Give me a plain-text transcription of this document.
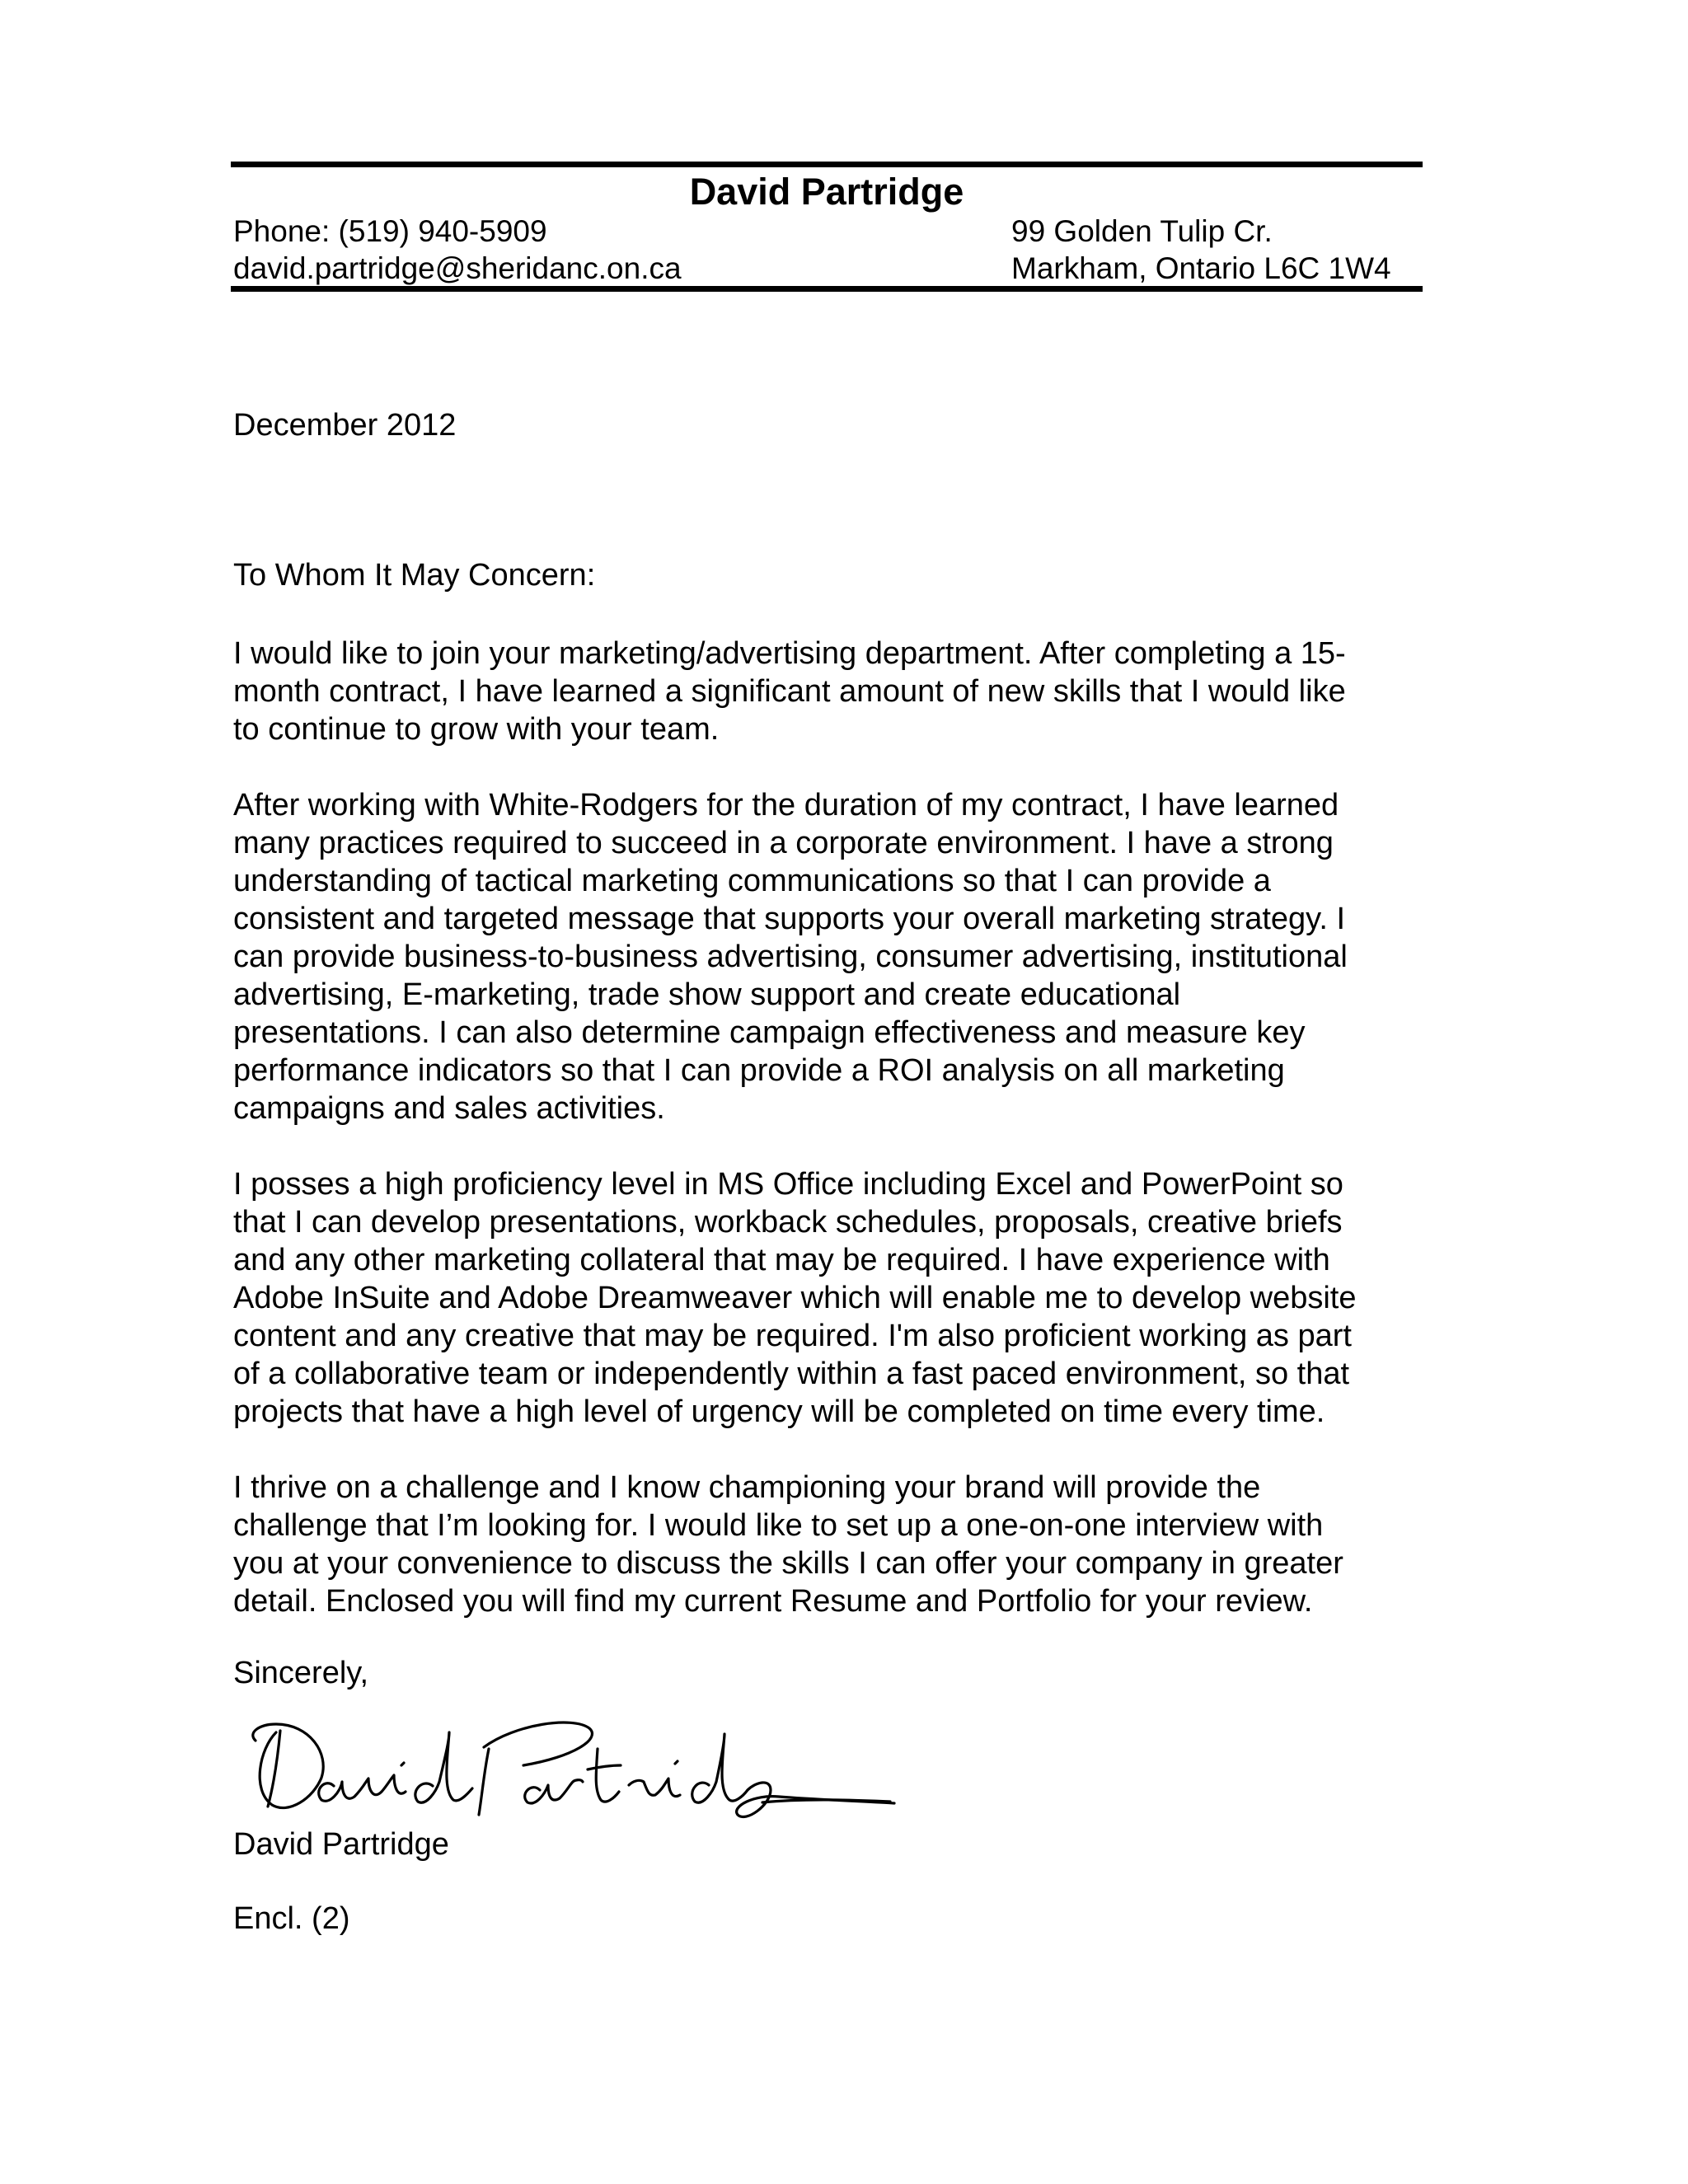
David Partridge
Phone: (519) 940-5909
david.partridge@sheridanc.on.ca
99 Golden Tulip Cr.
Markham, Ontario L6C 1W4
December 2012
To Whom It May Concern:
I would like to join your marketing/advertising department. After completing a 15-
month contract, I have learned a significant amount of new skills that I would like
to continue to grow with your team.
After working with White-Rodgers for the duration of my contract, I have learned
many practices required to succeed in a corporate environment. I have a strong
understanding of tactical marketing communications so that I can provide a
consistent and targeted message that supports your overall marketing strategy. I
can provide business-to-business advertising, consumer advertising, institutional
advertising, E-marketing, trade show support and create educational
presentations. I can also determine campaign effectiveness and measure key
performance indicators so that I can provide a ROI analysis on all marketing
campaigns and sales activities.
I posses a high proficiency level in MS Office including Excel and PowerPoint so
that I can develop presentations, workback schedules, proposals, creative briefs
and any other marketing collateral that may be required. I have experience with
Adobe InSuite and Adobe Dreamweaver which will enable me to develop website
content and any creative that may be required. I'm also proficient working as part
of a collaborative team or independently within a fast paced environment, so that
projects that have a high level of urgency will be completed on time every time.
I thrive on a challenge and I know championing your brand will provide the
challenge that I’m looking for. I would like to set up a one-on-one interview with
you at your convenience to discuss the skills I can offer your company in greater
detail. Enclosed you will find my current Resume and Portfolio for your review.
Sincerely,
David Partridge
Encl. (2)
